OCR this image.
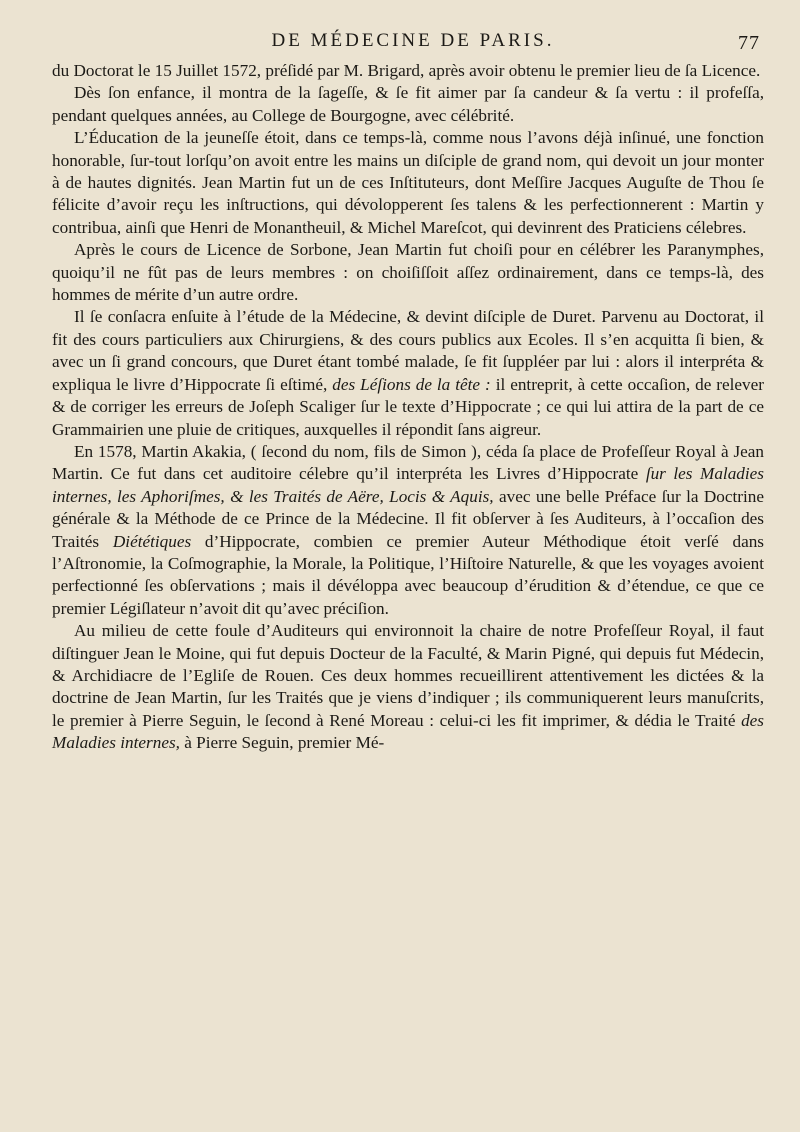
DE MÉDECINE DE PARIS.	77

du Doctorat le 15 Juillet 1572, préſidé par M. Brigard, après avoir obtenu le premier lieu de ſa Licence.

Dès ſon enfance, il montra de la ſageſſe, & ſe fit aimer par ſa candeur & ſa vertu : il profeſſa, pendant quelques années, au College de Bourgogne, avec célébrité.

L’Éducation de la jeuneſſe étoit, dans ce temps-là, comme nous l’avons déjà inſinué, une fonction honorable, ſur-tout lorſqu’on avoit entre les mains un diſciple de grand nom, qui devoit un jour monter à de hautes dignités. Jean Martin fut un de ces Inſtituteurs, dont Meſſire Jacques Auguſte de Thou ſe félicite d’avoir reçu les inſtructions, qui dévolopperent ſes talens & les perfectionnerent : Martin y contribua, ainſi que Henri de Monantheuil, & Michel Mareſcot, qui devinrent des Praticiens célebres.

Après le cours de Licence de Sorbone, Jean Martin fut choiſi pour en célébrer les Paranymphes, quoiqu’il ne fût pas de leurs membres : on choiſiſſoit aſſez ordinairement, dans ce temps-là, des hommes de mérite d’un autre ordre.

Il ſe conſacra enſuite à l’étude de la Médecine, & devint diſciple de Duret. Parvenu au Doctorat, il fit des cours particuliers aux Chirurgiens, & des cours publics aux Ecoles. Il s’en acquitta ſi bien, & avec un ſi grand concours, que Duret étant tombé malade, ſe fit ſuppléer par lui : alors il interpréta & expliqua le livre d’Hippocrate ſi eſtimé, des Léſions de la tête : il entreprit, à cette occaſion, de relever & de corriger les erreurs de Joſeph Scaliger ſur le texte d’Hippocrate ; ce qui lui attira de la part de ce Grammairien une pluie de critiques, auxquelles il répondit ſans aigreur.

En 1578, Martin Akakia, ( ſecond du nom, fils de Simon ), céda ſa place de Profeſſeur Royal à Jean Martin. Ce fut dans cet auditoire célebre qu’il interpréta les Livres d’Hippocrate ſur les Maladies internes, les Aphoriſmes, & les Traités de Aëre, Locis & Aquis, avec une belle Préface ſur la Doctrine générale & la Méthode de ce Prince de la Médecine. Il fit obſerver à ſes Auditeurs, à l’occaſion des Traités Diététiques d’Hippocrate, combien ce premier Auteur Méthodique étoit verſé dans l’Aſtronomie, la Coſmographie, la Morale, la Politique, l’Hiſtoire Naturelle, & que les voyages avoient perfectionné ſes obſervations ; mais il dévéloppa avec beaucoup d’érudition & d’étendue, ce que ce premier Légiſlateur n’avoit dit qu’avec préciſion.

Au milieu de cette foule d’Auditeurs qui environnoit la chaire de notre Profeſſeur Royal, il faut diſtinguer Jean le Moine, qui fut depuis Docteur de la Faculté, & Marin Pigné, qui depuis fut Médecin, & Archidiacre de l’Egliſe de Rouen. Ces deux hommes recueillirent attentivement les dictées & la doctrine de Jean Martin, ſur les Traités que je viens d’indiquer ; ils communiquerent leurs manuſcrits, le premier à Pierre Seguin, le ſecond à René Moreau : celui-ci les fit imprimer, & dédia le Traité des Maladies internes, à Pierre Seguin, premier Mé-
